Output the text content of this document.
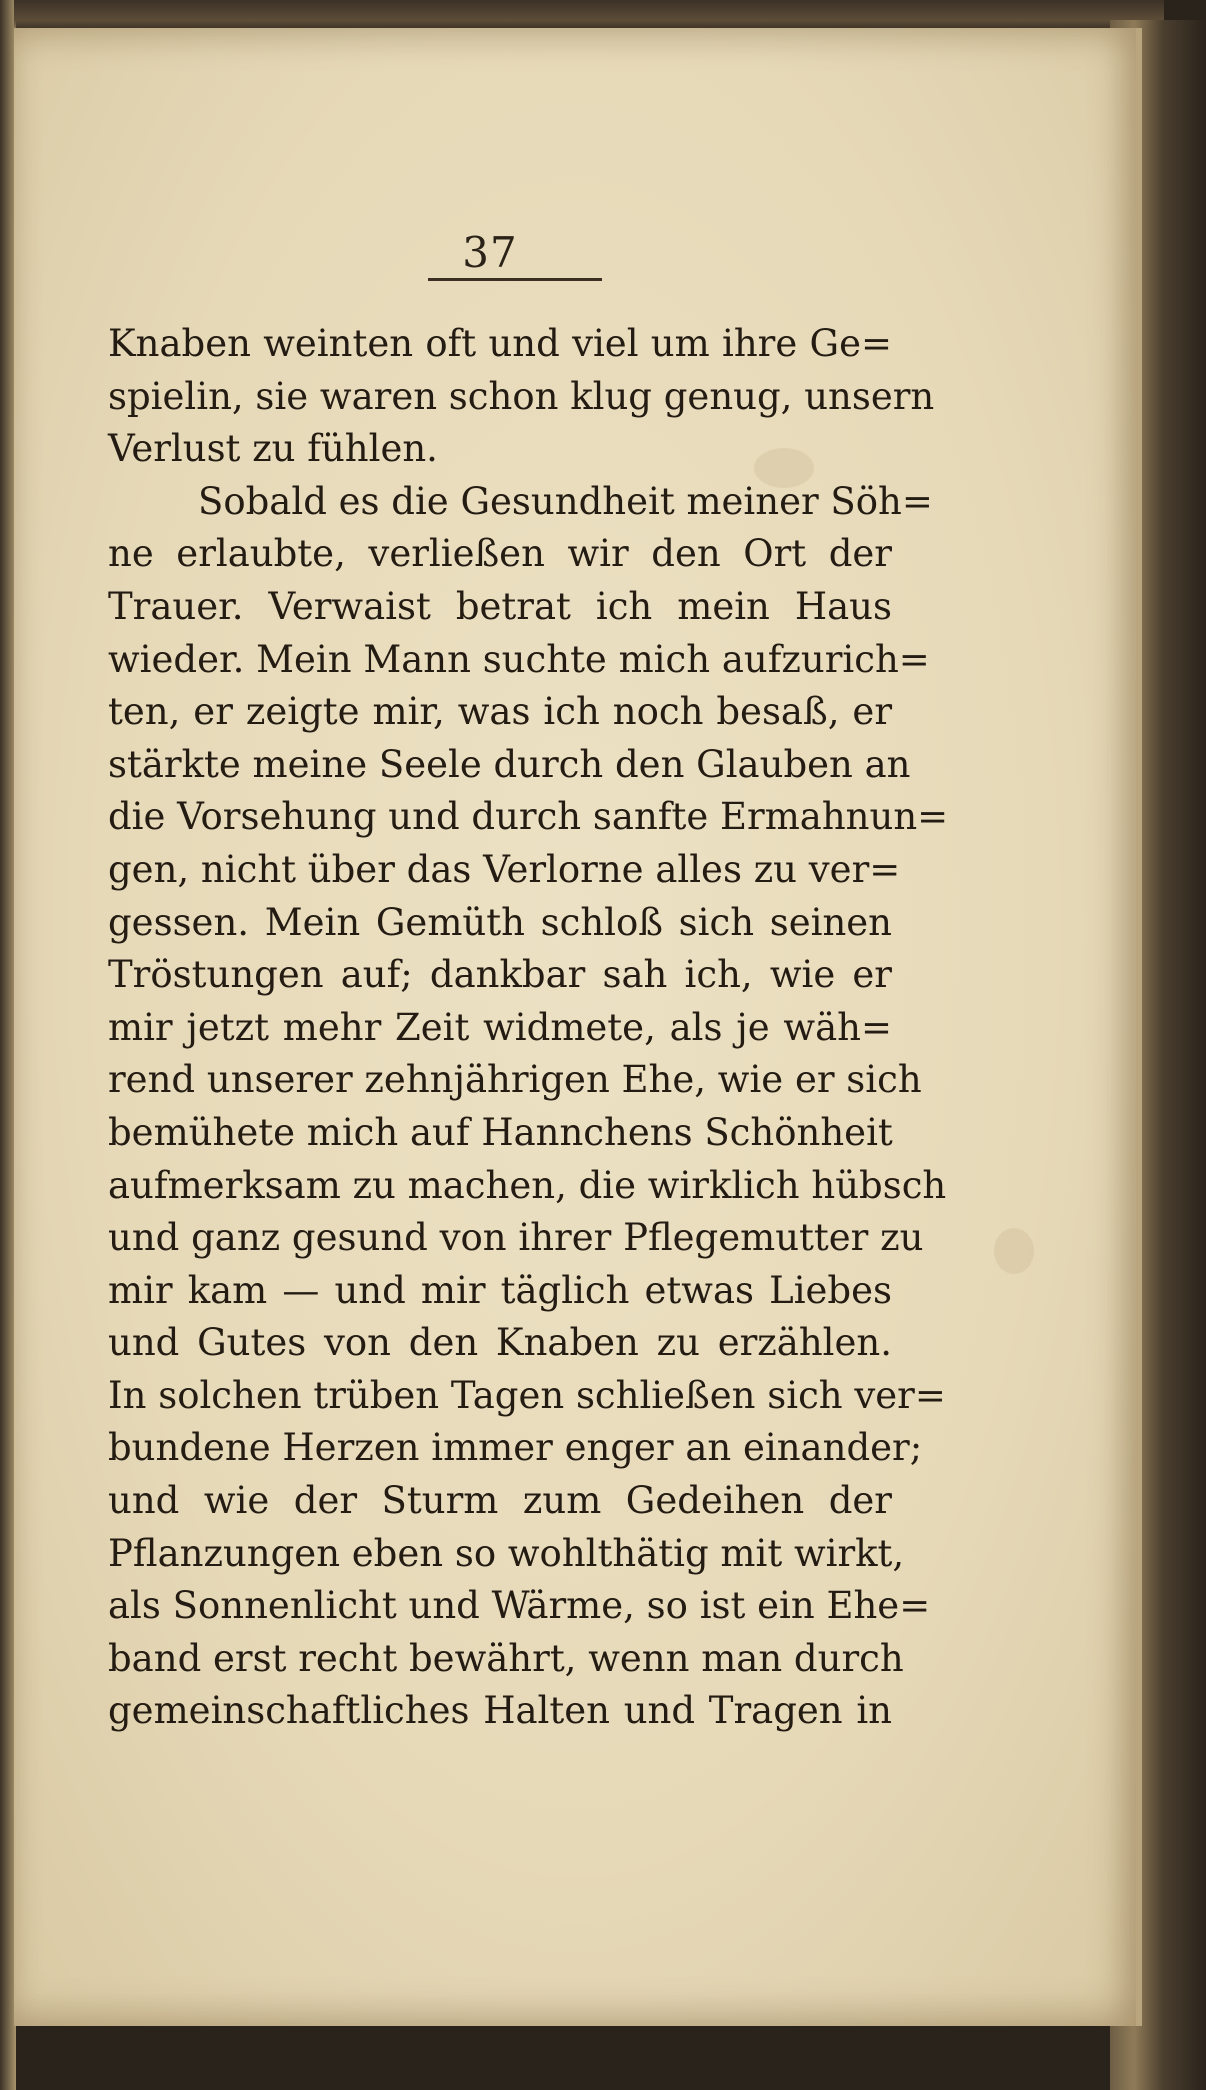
37
Knaben weinten oft und viel um ihre Ge=
spielin, sie waren schon klug genug, unsern
Verlust zu fühlen.
Sobald es die Gesundheit meiner Söh=
ne erlaubte, verließen wir den Ort der
Trauer. Verwaist betrat ich mein Haus
wieder. Mein Mann suchte mich aufzurich=
ten, er zeigte mir, was ich noch besaß, er
stärkte meine Seele durch den Glauben an
die Vorsehung und durch sanfte Ermahnun=
gen, nicht über das Verlorne alles zu ver=
gessen. Mein Gemüth schloß sich seinen
Tröstungen auf; dankbar sah ich, wie er
mir jetzt mehr Zeit widmete, als je wäh=
rend unserer zehnjährigen Ehe, wie er sich
bemühete mich auf Hannchens Schönheit
aufmerksam zu machen, die wirklich hübsch
und ganz gesund von ihrer Pflegemutter zu
mir kam — und mir täglich etwas Liebes
und Gutes von den Knaben zu erzählen.
In solchen trüben Tagen schließen sich ver=
bundene Herzen immer enger an einander;
und wie der Sturm zum Gedeihen der
Pflanzungen eben so wohlthätig mit wirkt,
als Sonnenlicht und Wärme, so ist ein Ehe=
band erst recht bewährt, wenn man durch
gemeinschaftliches Halten und Tragen in
